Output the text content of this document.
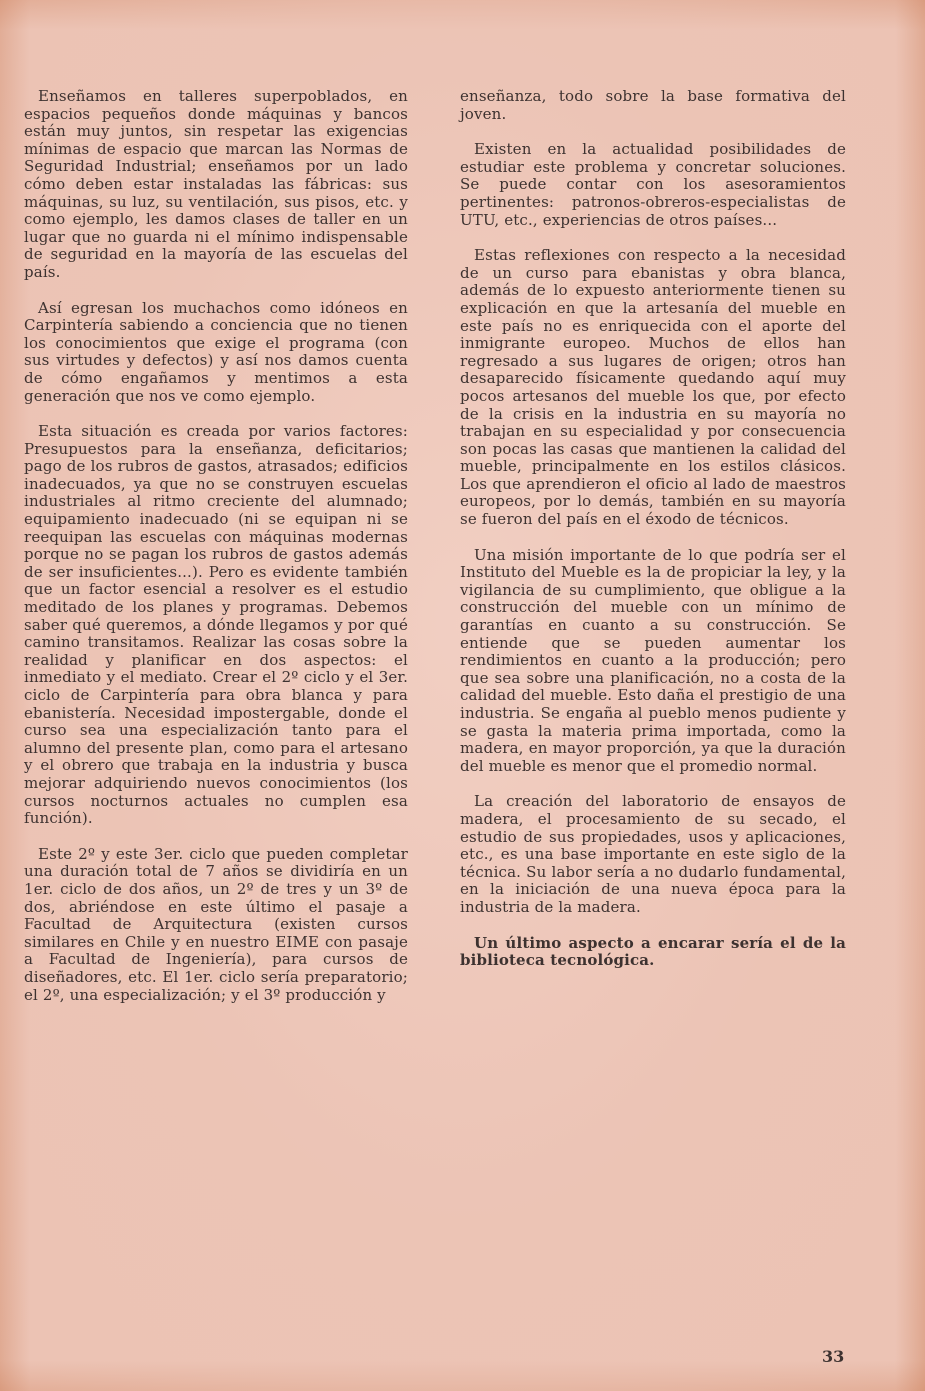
Enseñamos en talleres superpoblados, en espacios pequeños donde máquinas y bancos están muy juntos, sin respetar las exigencias mínimas de espacio que marcan las Normas de Seguridad Industrial; enseñamos por un lado cómo deben estar instaladas las fábricas: sus máquinas, su luz, su ventilación, sus pisos, etc. y como ejemplo, les damos clases de taller en un lugar que no guarda ni el mínimo indispensable de seguridad en la mayoría de las escuelas del país.

Así egresan los muchachos como idóneos en Carpintería sabiendo a conciencia que no tienen los conocimientos que exige el programa (con sus virtudes y defectos) y así nos damos cuenta de cómo engañamos y mentimos a esta generación que nos ve como ejemplo.

Esta situación es creada por varios factores: Presupuestos para la enseñanza, deficitarios; pago de los rubros de gastos, atrasados; edificios inadecuados, ya que no se construyen escuelas industriales al ritmo creciente del alumnado; equipamiento inadecuado (ni se equipan ni se reequipan las escuelas con máquinas modernas porque no se pagan los rubros de gastos además de ser insuficientes...). Pero es evidente también que un factor esencial a resolver es el estudio meditado de los planes y programas. Debemos saber qué queremos, a dónde llegamos y por qué camino transitamos. Realizar las cosas sobre la realidad y planificar en dos aspectos: el inmediato y el mediato. Crear el 2º ciclo y el 3er. ciclo de Carpintería para obra blanca y para ebanistería. Necesidad impostergable, donde el curso sea una especialización tanto para el alumno del presente plan, como para el artesano y el obrero que trabaja en la industria y busca mejorar adquiriendo nuevos conocimientos (los cursos nocturnos actuales no cumplen esa función).

Este 2º y este 3er. ciclo que pueden completar una duración total de 7 años se dividiría en un 1er. ciclo de dos años, un 2º de tres y un 3º de dos, abriéndose en este último el pasaje a Facultad de Arquitectura (existen cursos similares en Chile y en nuestro EIME con pasaje a Facultad de Ingeniería), para cursos de diseñadores, etc. El 1er. ciclo sería preparatorio; el 2º, una especialización; y el 3º producción y

enseñanza, todo sobre la base formativa del joven.

Existen en la actualidad posibilidades de estudiar este problema y concretar soluciones. Se puede contar con los asesoramientos pertinentes: patronos-obreros-especialistas de UTU, etc., experiencias de otros países...

Estas reflexiones con respecto a la necesidad de un curso para ebanistas y obra blanca, además de lo expuesto anteriormente tienen su explicación en que la artesanía del mueble en este país no es enriquecida con el aporte del inmigrante europeo. Muchos de ellos han regresado a sus lugares de origen; otros han desaparecido físicamente quedando aquí muy pocos artesanos del mueble los que, por efecto de la crisis en la industria en su mayoría no trabajan en su especialidad y por consecuencia son pocas las casas que mantienen la calidad del mueble, principalmente en los estilos clásicos. Los que aprendieron el oficio al lado de maestros europeos, por lo demás, también en su mayoría se fueron del país en el éxodo de técnicos.

Una misión importante de lo que podría ser el Instituto del Mueble es la de propiciar la ley, y la vigilancia de su cumplimiento, que obligue a la construcción del mueble con un mínimo de garantías en cuanto a su construcción. Se entiende que se pueden aumentar los rendimientos en cuanto a la producción; pero que sea sobre una planificación, no a costa de la calidad del mueble. Esto daña el prestigio de una industria. Se engaña al pueblo menos pudiente y se gasta la materia prima importada, como la madera, en mayor proporción, ya que la duración del mueble es menor que el promedio normal.

La creación del laboratorio de ensayos de madera, el procesamiento de su secado, el estudio de sus propiedades, usos y aplicaciones, etc., es una base importante en este siglo de la técnica. Su labor sería a no dudarlo fundamental, en la iniciación de una nueva época para la industria de la madera.

Un último aspecto a encarar sería el de la biblioteca tecnológica.

33
